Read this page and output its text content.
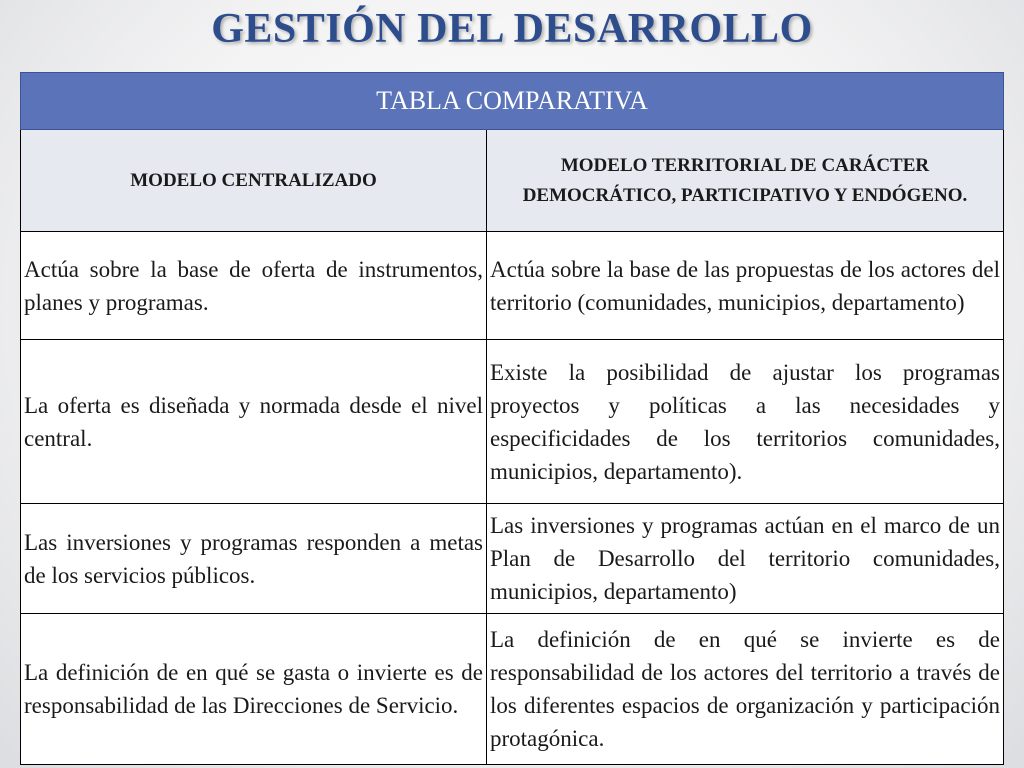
GESTIÓN DEL DESARROLLO
TABLA COMPARATIVA	
MODELO CENTRALIZADO	MODELO TERRITORIAL DE CARÁCTER DEMOCRÁTICO, PARTICIPATIVO Y ENDÓGENO.
Actúa sobre la base de oferta de instrumentos, planes y programas.	Actúa sobre la base de las propuestas de los actores del territorio (comunidades, municipios, departamento)
La oferta es diseñada y normada desde el nivel central.	Existe la posibilidad de ajustar los programas proyectos y políticas a las necesidades y especificidades de los territorios comunidades, municipios, departamento).
Las inversiones y programas responden a metas de los servicios públicos.	Las inversiones y programas actúan en el marco de un Plan de Desarrollo del territorio comunidades, municipios, departamento)
La definición de en qué se gasta o invierte es de responsabilidad de las Direcciones de Servicio.	La definición de en qué se invierte es de responsabilidad de los actores del territorio a través de los diferentes espacios de organización y participación protagónica.
